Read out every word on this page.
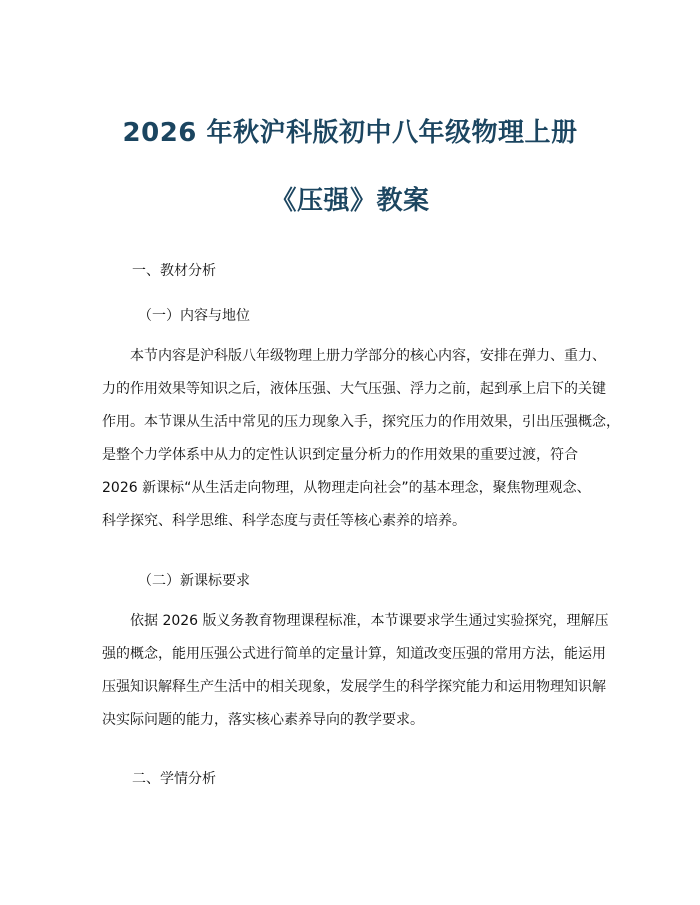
2026 年秋沪科版初中八年级物理上册
《压强》教案
一、教材分析
（一）内容与地位
本节内容是沪科版八年级物理上册力学部分的核心内容，安排在弹力、重力、
力的作用效果等知识之后，液体压强、大气压强、浮力之前，起到承上启下的关键
作用。本节课从生活中常见的压力现象入手，探究压力的作用效果，引出压强概念，
是整个力学体系中从力的定性认识到定量分析力的作用效果的重要过渡，符合
2026 新课标“从生活走向物理，从物理走向社会”的基本理念，聚焦物理观念、
科学探究、科学思维、科学态度与责任等核心素养的培养。
（二）新课标要求
依据 2026 版义务教育物理课程标准，本节课要求学生通过实验探究，理解压
强的概念，能用压强公式进行简单的定量计算，知道改变压强的常用方法，能运用
压强知识解释生产生活中的相关现象，发展学生的科学探究能力和运用物理知识解
决实际问题的能力，落实核心素养导向的教学要求。
二、学情分析
